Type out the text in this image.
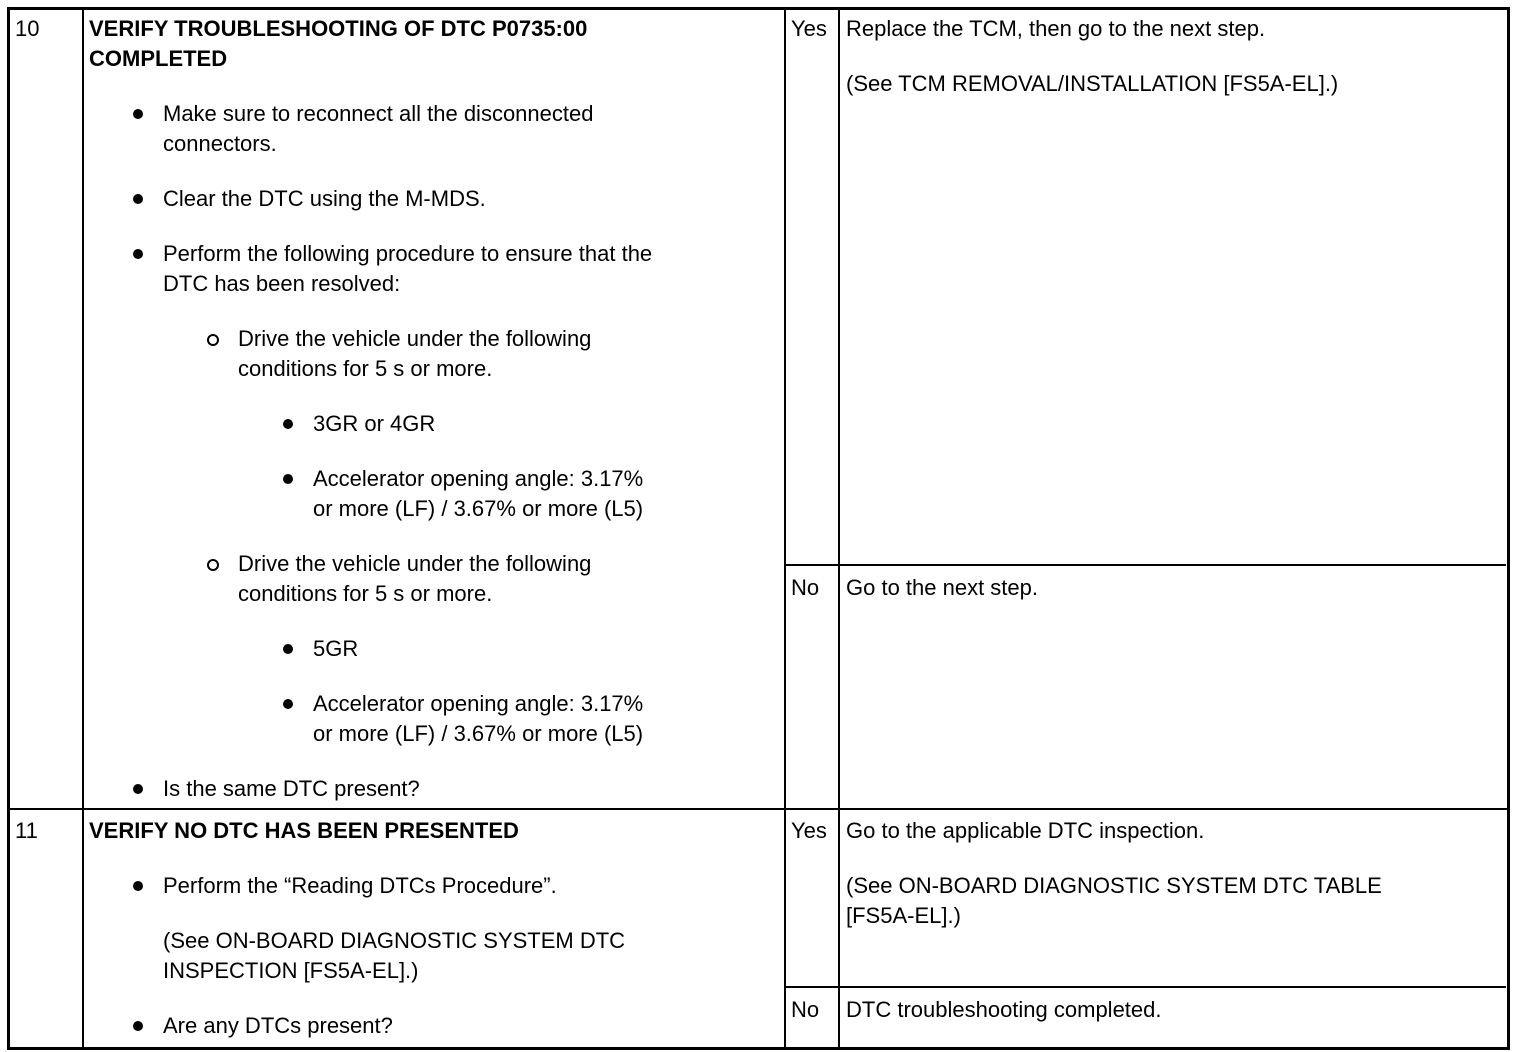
10 VERIFY TROUBLESHOOTING OF DTC P0735:00
COMPLETED
Make sure to reconnect all the disconnected
connectors.
Clear the DTC using the M-MDS.
Perform the following procedure to ensure that the
DTC has been resolved:
Drive the vehicle under the following
conditions for 5 s or more.
3GR or 4GR
Accelerator opening angle: 3.17%
or more (LF) / 3.67% or more (L5)
Drive the vehicle under the following
conditions for 5 s or more.
5GR
Accelerator opening angle: 3.17%
or more (LF) / 3.67% or more (L5)
Is the same DTC present?
Yes Replace the TCM, then go to the next step.
(See TCM REMOVAL/INSTALLATION [FS5A-EL].)
No Go to the next step.
11 VERIFY NO DTC HAS BEEN PRESENTED
Perform the “Reading DTCs Procedure”.
(See ON-BOARD DIAGNOSTIC SYSTEM DTC
INSPECTION [FS5A-EL].)
Are any DTCs present?
Yes Go to the applicable DTC inspection.
(See ON-BOARD DIAGNOSTIC SYSTEM DTC TABLE
[FS5A-EL].)
No DTC troubleshooting completed.
